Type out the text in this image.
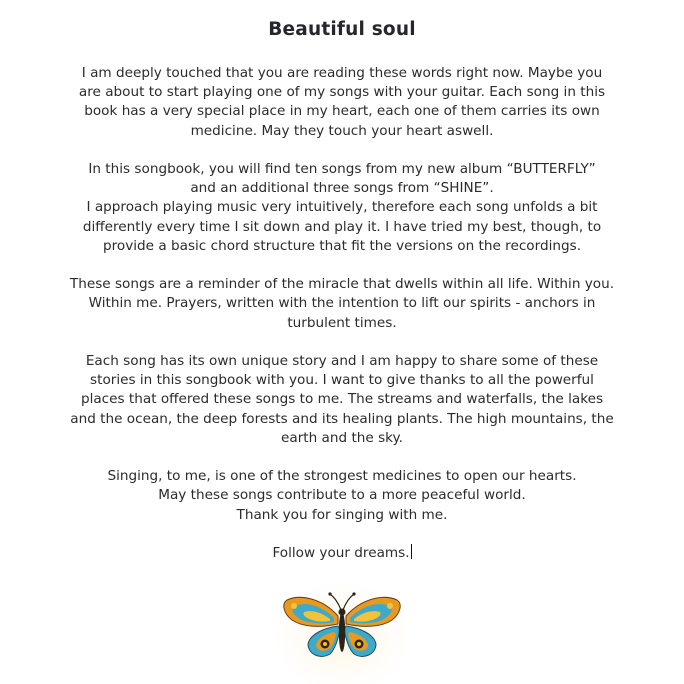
Beautiful soul

I am deeply touched that you are reading these words right now. Maybe you
are about to start playing one of my songs with your guitar. Each song in this
book has a very special place in my heart, each one of them carries its own
medicine. May they touch your heart aswell.

In this songbook, you will find ten songs from my new album “BUTTERFLY”
and an additional three songs from “SHINE”.
I approach playing music very intuitively, therefore each song unfolds a bit
differently every time I sit down and play it. I have tried my best, though, to
provide a basic chord structure that fit the versions on the recordings.

These songs are a reminder of the miracle that dwells within all life. Within you.
Within me. Prayers, written with the intention to lift our spirits - anchors in
turbulent times.

Each song has its own unique story and I am happy to share some of these
stories in this songbook with you. I want to give thanks to all the powerful
places that offered these songs to me. The streams and waterfalls, the lakes
and the ocean, the deep forests and its healing plants. The high mountains, the
earth and the sky.

Singing, to me, is one of the strongest medicines to open our hearts.
May these songs contribute to a more peaceful world.
Thank you for singing with me.

Follow your dreams.
